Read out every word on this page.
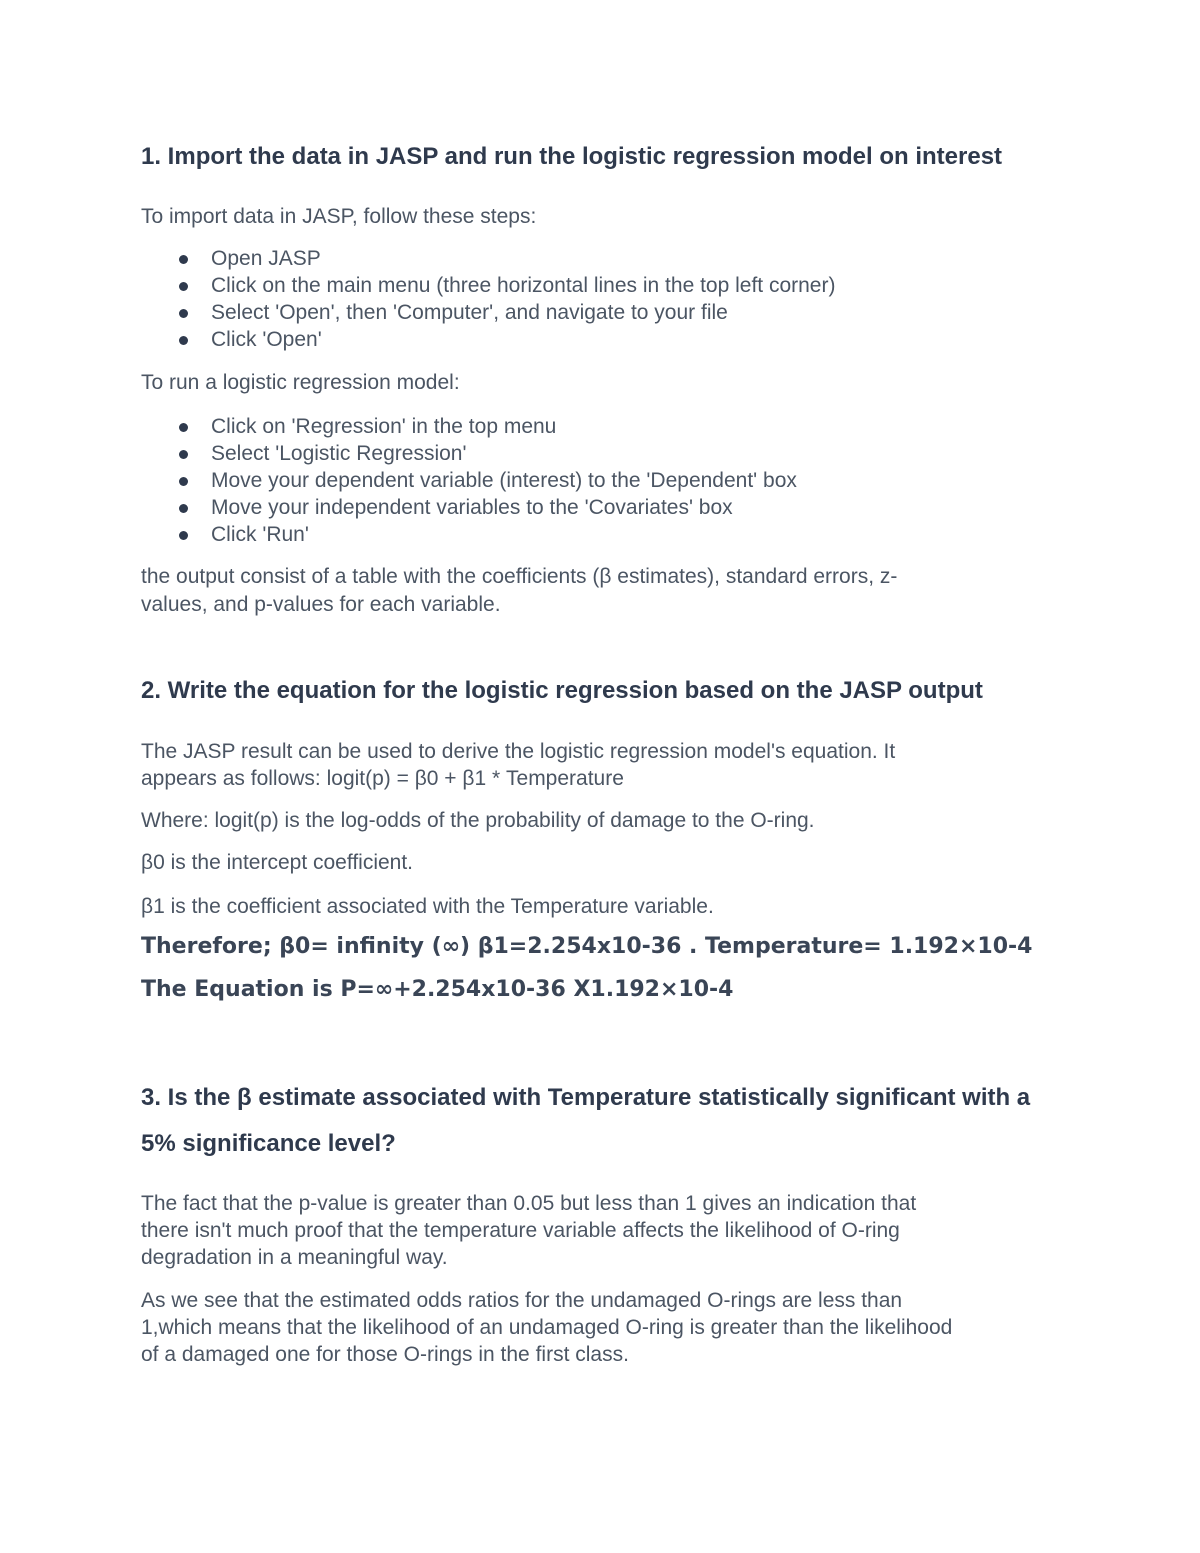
1. Import the data in JASP and run the logistic regression model on interest
To import data in JASP, follow these steps:
Open JASP
Click on the main menu (three horizontal lines in the top left corner)
Select 'Open', then 'Computer', and navigate to your file
Click 'Open'
To run a logistic regression model:
Click on 'Regression' in the top menu
Select 'Logistic Regression'
Move your dependent variable (interest) to the 'Dependent' box
Move your independent variables to the 'Covariates' box
Click 'Run'
the output consist of a table with the coefficients (β estimates), standard errors, z-
values, and p-values for each variable.
2. Write the equation for the logistic regression based on the JASP output
The JASP result can be used to derive the logistic regression model's equation. It
appears as follows: logit(p) = β0 + β1 * Temperature
Where: logit(p) is the log-odds of the probability of damage to the O-ring.
β0 is the intercept coefficient.
β1 is the coefficient associated with the Temperature variable.
Therefore; β0= infinity (∞) β1=2.254x10-36 . Temperature= 1.192×10-4
The Equation is P=∞+2.254x10-36 X1.192×10-4
3. Is the β estimate associated with Temperature statistically significant with a
5% significance level?
The fact that the p-value is greater than 0.05 but less than 1 gives an indication that
there isn't much proof that the temperature variable affects the likelihood of O-ring
degradation in a meaningful way.
As we see that the estimated odds ratios for the undamaged O-rings are less than
1,which means that the likelihood of an undamaged O-ring is greater than the likelihood
of a damaged one for those O-rings in the first class.
